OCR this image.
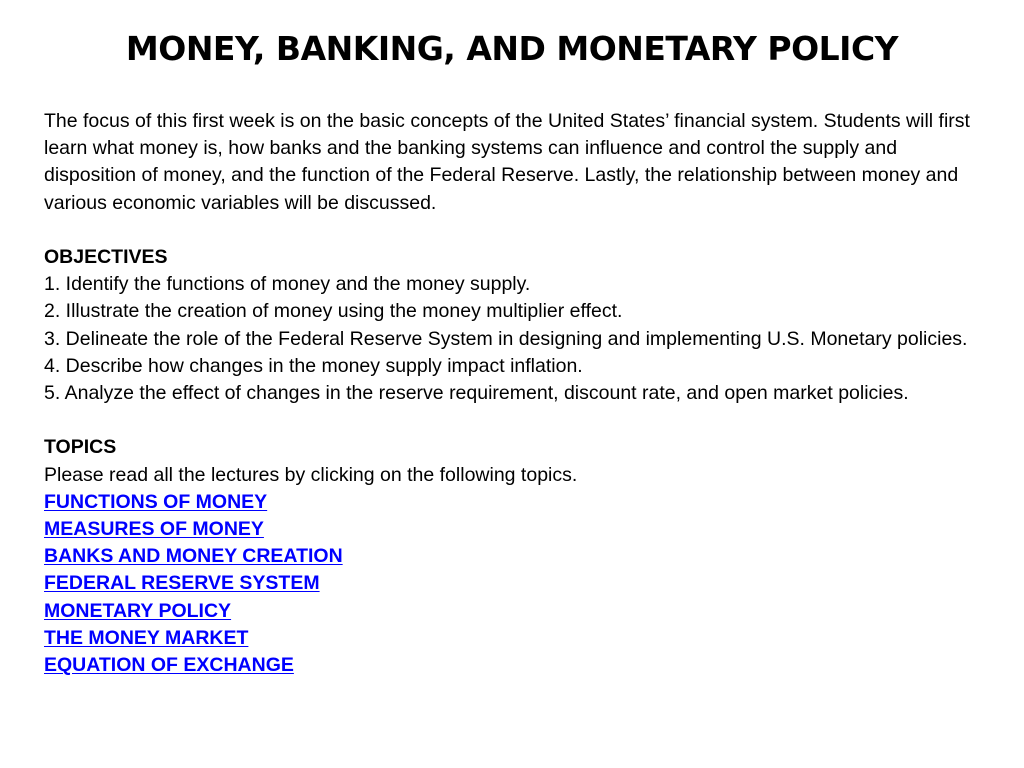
MONEY, BANKING, AND MONETARY POLICY

The focus of this first week is on the basic concepts of the United States’ financial system. Students will first learn what money is, how banks and the banking systems can influence and control the supply and disposition of money, and the function of the Federal Reserve. Lastly, the relationship between money and various economic variables will be discussed.

OBJECTIVES

1. Identify the functions of money and the money supply.

2. Illustrate the creation of money using the money multiplier effect.

3. Delineate the role of the Federal Reserve System in designing and implementing U.S. Monetary policies.

4. Describe how changes in the money supply impact inflation.

5. Analyze the effect of changes in the reserve requirement, discount rate, and open market policies.

TOPICS

Please read all the lectures by clicking on the following topics.

FUNCTIONS OF MONEY
MEASURES OF MONEY
BANKS AND MONEY CREATION
FEDERAL RESERVE SYSTEM
MONETARY POLICY
THE MONEY MARKET
EQUATION OF EXCHANGE
